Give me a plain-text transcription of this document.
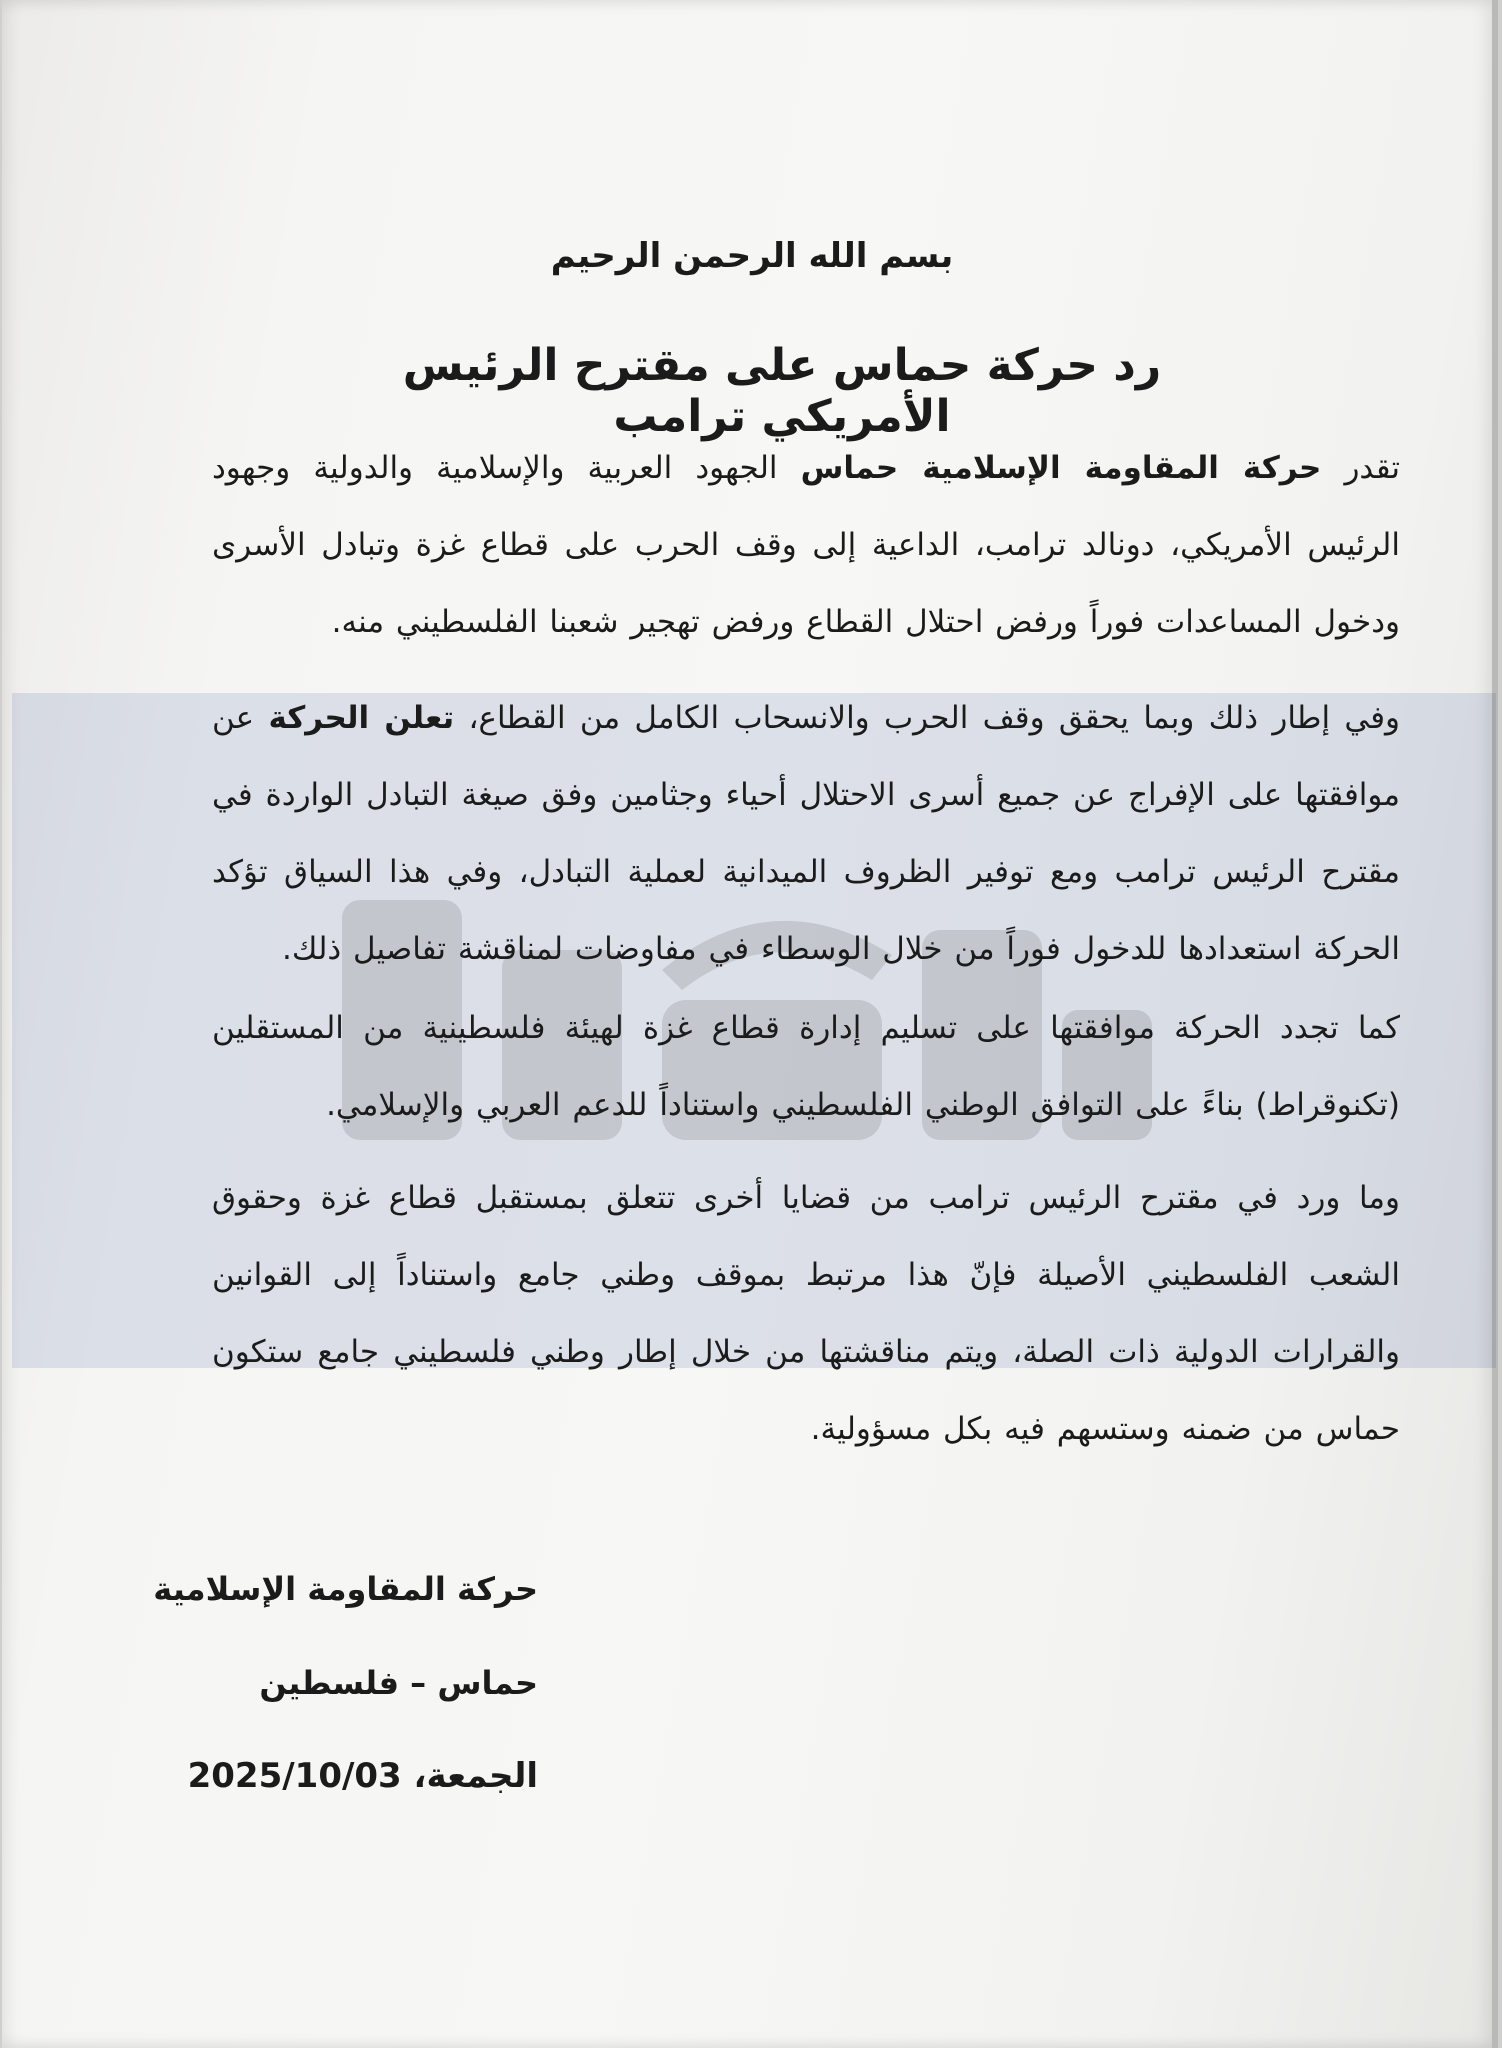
بسم الله الرحمن الرحيم
رد حركة حماس على مقترح الرئيس الأمريكي ترامب
تقدر حركة المقاومة الإسلامية حماس الجهود العربية والإسلامية والدولية وجهود الرئيس الأمريكي، دونالد ترامب، الداعية إلى وقف الحرب على قطاع غزة وتبادل الأسرى ودخول المساعدات فوراً ورفض احتلال القطاع ورفض تهجير شعبنا الفلسطيني منه.
وفي إطار ذلك وبما يحقق وقف الحرب والانسحاب الكامل من القطاع، تعلن الحركة عن موافقتها على الإفراج عن جميع أسرى الاحتلال أحياء وجثامين وفق صيغة التبادل الواردة في مقترح الرئيس ترامب ومع توفير الظروف الميدانية لعملية التبادل، وفي هذا السياق تؤكد الحركة استعدادها للدخول فوراً من خلال الوسطاء في مفاوضات لمناقشة تفاصيل ذلك.
كما تجدد الحركة موافقتها على تسليم إدارة قطاع غزة لهيئة فلسطينية من المستقلين (تكنوقراط) بناءً على التوافق الوطني الفلسطيني واستناداً للدعم العربي والإسلامي.
وما ورد في مقترح الرئيس ترامب من قضايا أخرى تتعلق بمستقبل قطاع غزة وحقوق الشعب الفلسطيني الأصيلة فإنّ هذا مرتبط بموقف وطني جامع واستناداً إلى القوانين والقرارات الدولية ذات الصلة، ويتم مناقشتها من خلال إطار وطني فلسطيني جامع ستكون حماس من ضمنه وستسهم فيه بكل مسؤولية.
حركة المقاومة الإسلامية
حماس – فلسطين
الجمعة، 2025/10/03
